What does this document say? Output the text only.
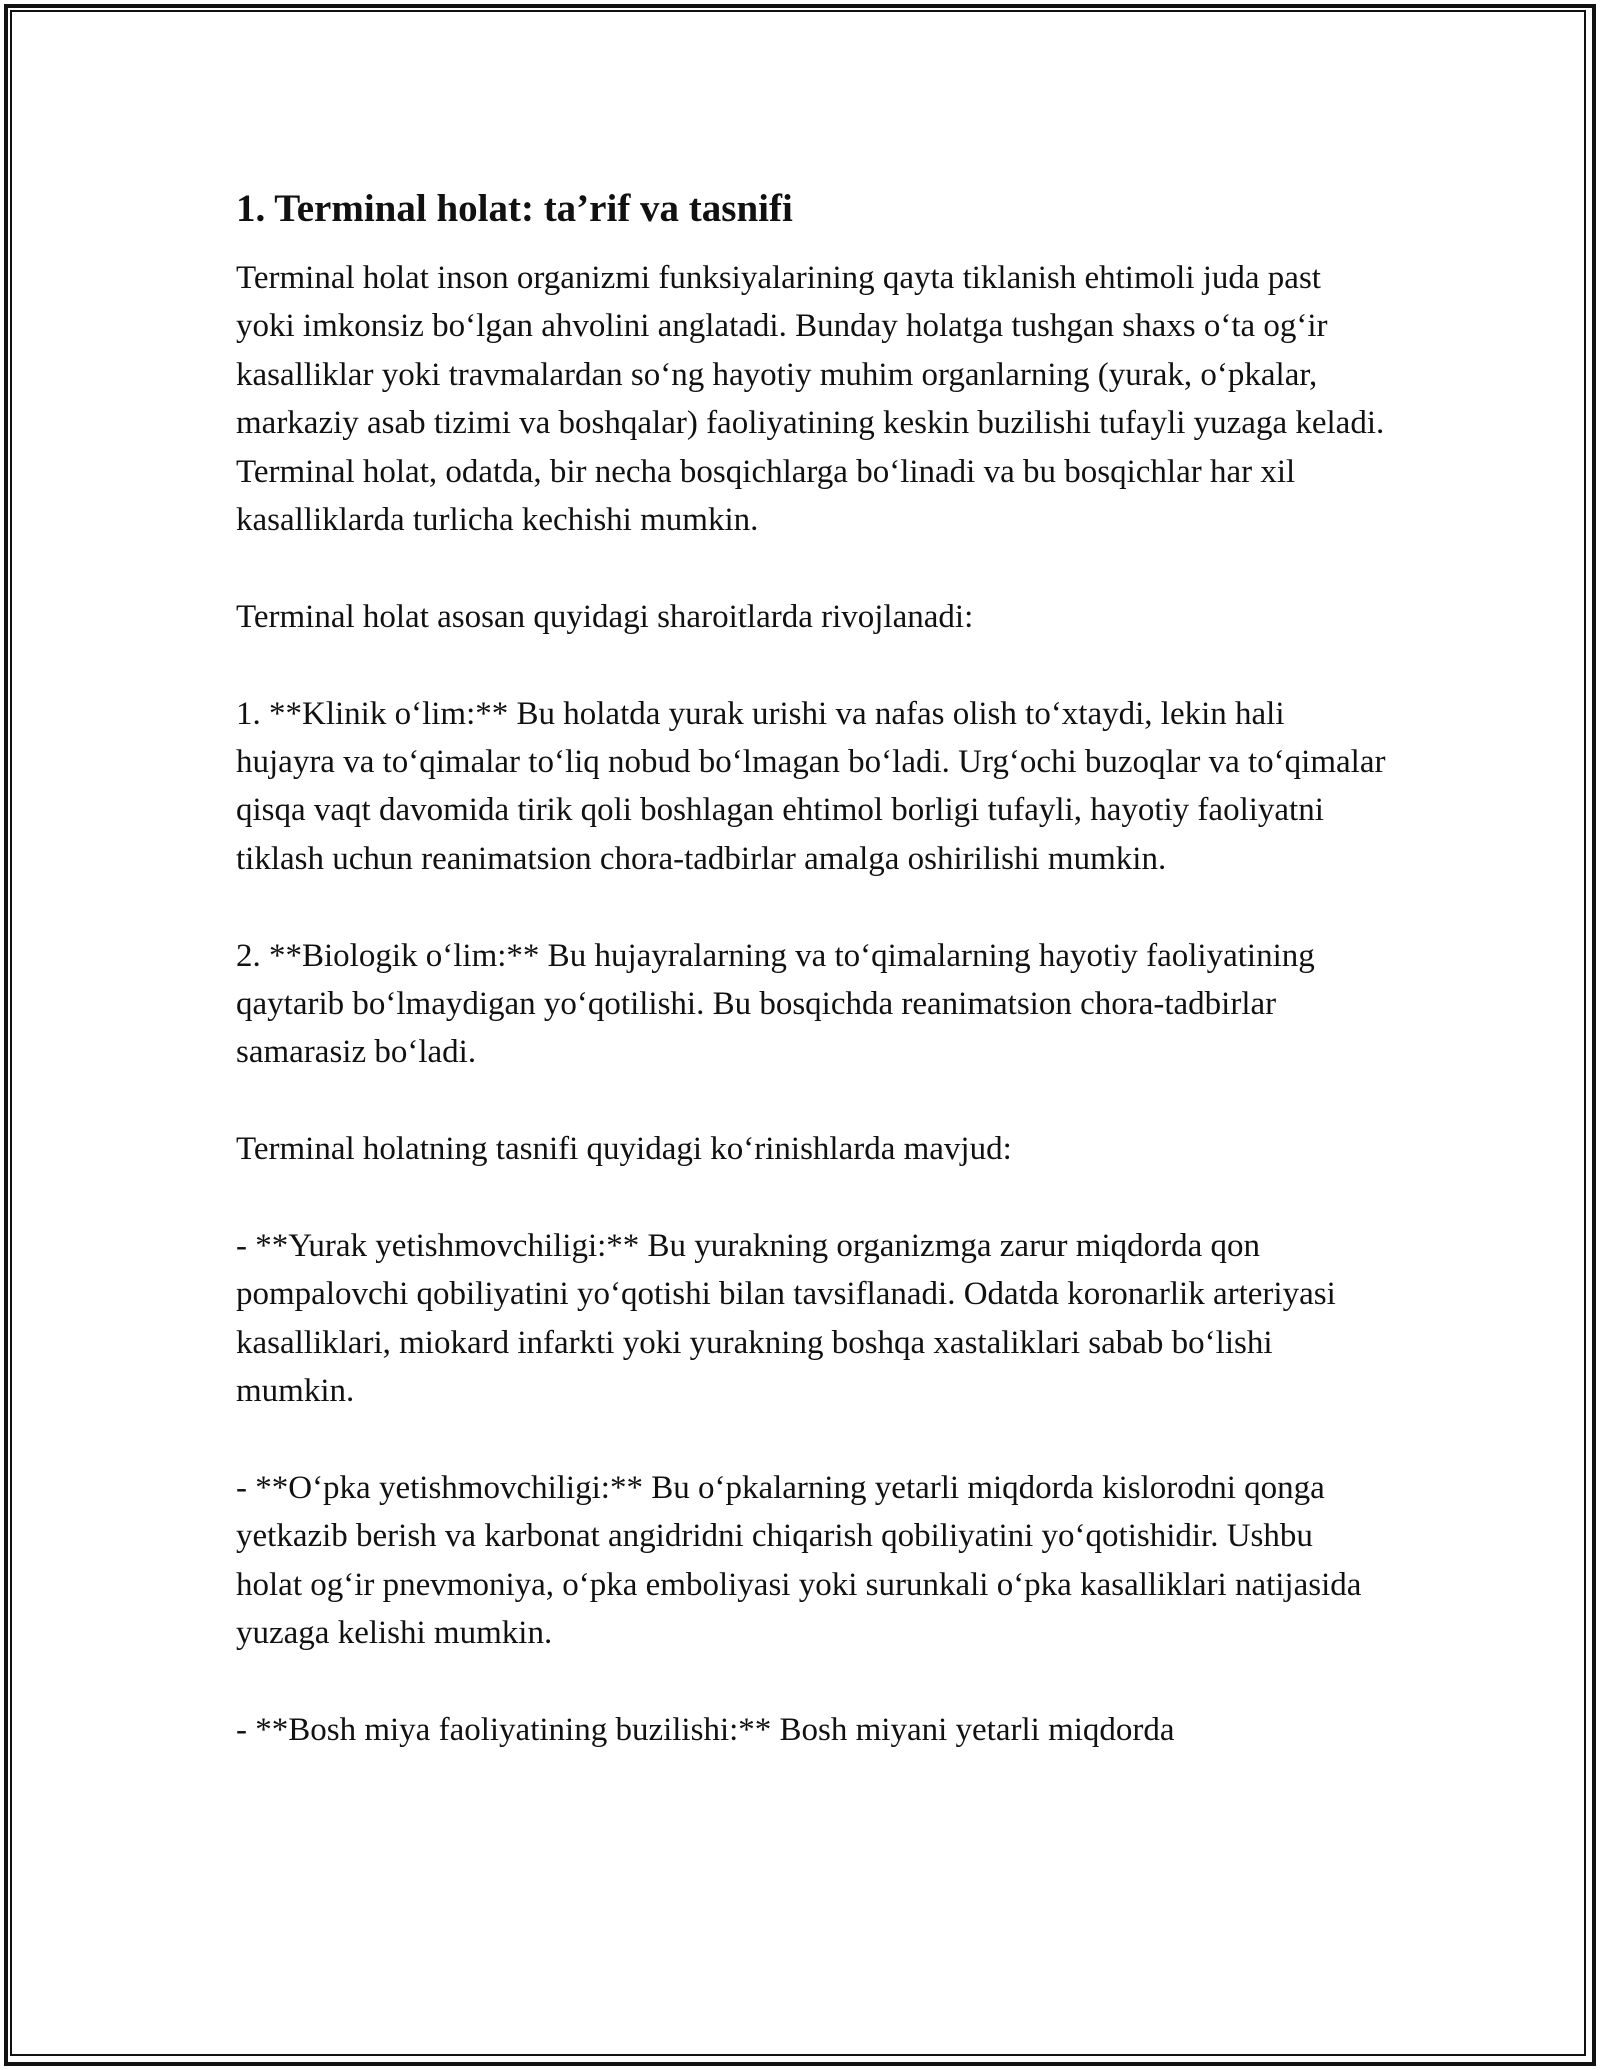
1. Terminal holat: ta’rif va tasnifi

Terminal holat inson organizmi funksiyalarining qayta tiklanish ehtimoli juda past yoki imkonsiz boʻlgan ahvolini anglatadi. Bunday holatga tushgan shaxs oʻta ogʻir kasalliklar yoki travmalardan soʻng hayotiy muhim organlarning (yurak, oʻpkalar, markaziy asab tizimi va boshqalar) faoliyatining keskin buzilishi tufayli yuzaga keladi. Terminal holat, odatda, bir necha bosqichlarga boʻlinadi va bu bosqichlar har xil kasalliklarda turlicha kechishi mumkin.

Terminal holat asosan quyidagi sharoitlarda rivojlanadi:

1. **Klinik oʻlim:** Bu holatda yurak urishi va nafas olish toʻxtaydi, lekin hali hujayra va toʻqimalar toʻliq nobud boʻlmagan boʻladi. Urgʻochi buzoqlar va toʻqimalar qisqa vaqt davomida tirik qoli boshlagan ehtimol borligi tufayli, hayotiy faoliyatni tiklash uchun reanimatsion chora-tadbirlar amalga oshirilishi mumkin.

2. **Biologik oʻlim:** Bu hujayralarning va toʻqimalarning hayotiy faoliyatining qaytarib boʻlmaydigan yoʻqotilishi. Bu bosqichda reanimatsion chora-tadbirlar samarasiz boʻladi.

Terminal holatning tasnifi quyidagi koʻrinishlarda mavjud:

- **Yurak yetishmovchiligi:** Bu yurakning organizmga zarur miqdorda qon pompalovchi qobiliyatini yoʻqotishi bilan tavsiflanadi. Odatda koronarlik arteriyasi kasalliklari, miokard infarkti yoki yurakning boshqa xastaliklari sabab boʻlishi mumkin.

- **Oʻpka yetishmovchiligi:** Bu oʻpkalarning yetarli miqdorda kislorodni qonga yetkazib berish va karbonat angidridni chiqarish qobiliyatini yoʻqotishidir. Ushbu holat ogʻir pnevmoniya, oʻpka emboliyasi yoki surunkali oʻpka kasalliklari natijasida yuzaga kelishi mumkin.

- **Bosh miya faoliyatining buzilishi:** Bosh miyani yetarli miqdorda
